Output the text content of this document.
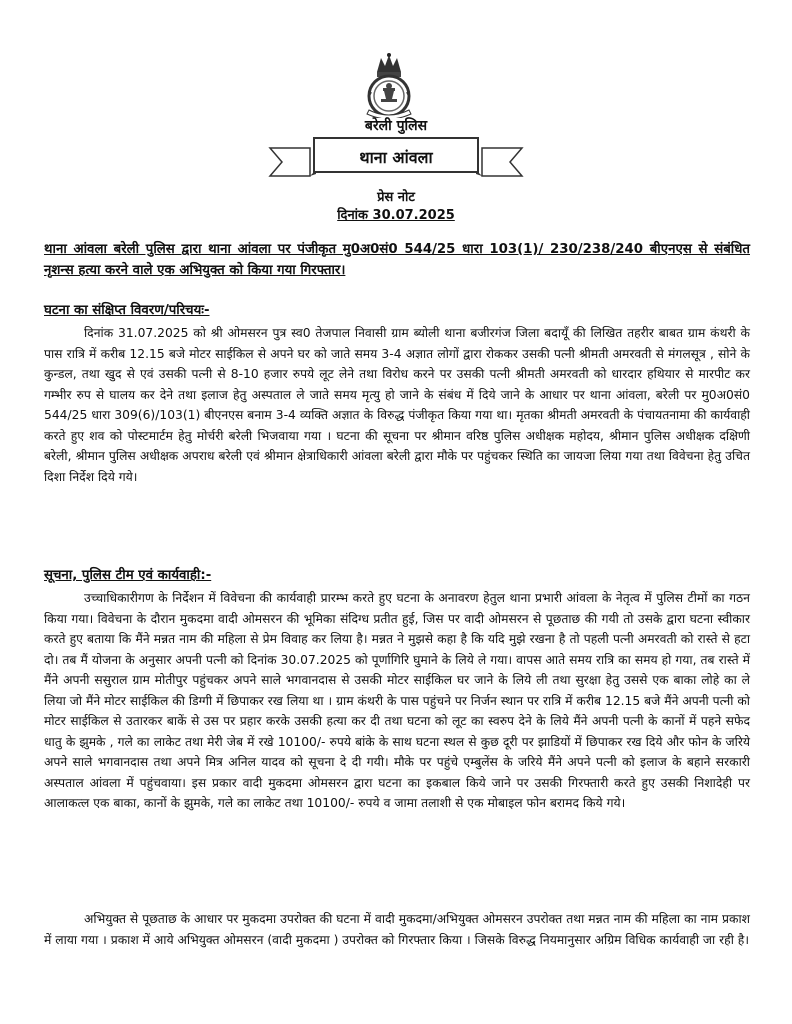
बरेली पुलिस
थाना आंवला
प्रेस नोट
दिनांक 30.07.2025
थाना आंवला बरेली पुलिस द्वारा थाना आंवला पर पंजीकृत मु0अ0सं0 544/25 धारा 103(1)/ 230/238/240 बीएनएस से संबंधित नृशन्स हत्या करने वाले एक अभियुक्त को किया गया गिरफ्तार।
घटना का संक्षिप्त विवरण/परिचयः-

दिनांक 31.07.2025 को श्री ओमसरन पुत्र स्व0 तेजपाल निवासी ग्राम ब्योली थाना बजीरगंज जिला बदायूँ की लिखित तहरीर बाबत ग्राम कंथरी के पास रात्रि में करीब 12.15 बजे मोटर साईकिल से अपने घर को जाते समय 3-4 अज्ञात लोगों द्वारा रोककर उसकी पत्नी श्रीमती अमरवती से मंगलसूत्र , सोने के कुन्डल, तथा खुद से एवं उसकी पत्नी से 8-10 हजार रुपये लूट लेने तथा विरोध करने पर उसकी पत्नी श्रीमती अमरवती को धारदार हथियार से मारपीट कर गम्भीर रुप से घालय कर देने तथा इलाज हेतु अस्पताल ले जाते समय मृत्यु हो जाने के संबंध में दिये जाने के आधार पर थाना आंवला, बरेली पर मु0अ0सं0 544/25 धारा 309(6)/103(1) बीएनएस बनाम 3-4 व्यक्ति अज्ञात के विरुद्ध पंजीकृत किया गया था। मृतका श्रीमती अमरवती के पंचायतनामा की कार्यवाही करते हुए शव को पोस्टमार्टम हेतु मोर्चरी बरेली भिजवाया गया । घटना की सूचना पर श्रीमान वरिष्ठ पुलिस अधीक्षक महोदय, श्रीमान पुलिस अधीक्षक दक्षिणी बरेली, श्रीमान पुलिस अधीक्षक अपराध बरेली एवं श्रीमान क्षेत्राधिकारी आंवला बरेली द्वारा मौके पर पहुंचकर स्थिति का जायजा लिया गया तथा विवेचना हेतु उचित दिशा निर्देश दिये गये।

सूचना, पुलिस टीम एवं कार्यवाही:-

उच्चाधिकारीगण के निर्देशन में विवेचना की कार्यवाही प्रारम्भ करते हुए घटना के अनावरण हेतुल थाना प्रभारी आंवला के नेतृत्व में पुलिस टीमों का गठन किया गया। विवेचना के दौरान मुकदमा वादी ओमसरन की भूमिका संदिग्ध प्रतीत हुई, जिस पर वादी ओमसरन से पूछताछ की गयी तो उसके द्वारा घटना स्वीकार करते हुए बताया कि मैंने मन्नत नाम की महिला से प्रेम विवाह कर लिया है। मन्नत ने मुझसे कहा है कि यदि मुझे रखना है तो पहली पत्नी अमरवती को रास्ते से हटा दो। तब मैं योजना के अनुसार अपनी पत्नी को दिनांक 30.07.2025 को पूर्णागिरि घुमाने के लिये ले गया। वापस आते समय रात्रि का समय हो गया, तब रास्ते में मैंने अपनी ससुराल ग्राम मोतीपुर पहुंचकर अपने साले भगवानदास से उसकी मोटर साईकिल घर जाने के लिये ली तथा सुरक्षा हेतु उससे एक बाका लोहे का ले लिया जो मैंने मोटर साईकिल की डिग्गी में छिपाकर रख लिया था । ग्राम कंथरी के पास पहुंचने पर निर्जन स्थान पर रात्रि में करीब 12.15 बजे मैंने अपनी पत्नी को मोटर साईकिल से उतारकर बाकें से उस पर प्रहार करके उसकी हत्या कर दी तथा घटना को लूट का स्वरुप देने के लिये मैंने अपनी पत्नी के कानों में पहने सफेद धातु के झुमके , गले का लाकेट तथा मेरी जेब में रखे 10100/- रुपये बांके के साथ घटना स्थल से कुछ दूरी पर झाडियों में छिपाकर रख दिये और फोन के जरिये अपने साले भगवानदास तथा अपने मित्र अनिल यादव को सूचना दे दी गयी। मौके पर पहुंचे एम्बुलेंस के जरिये मैंने अपने पत्नी को इलाज के बहाने सरकारी अस्पताल आंवला में पहुंचवाया। इस प्रकार वादी मुकदमा ओमसरन द्वारा घटना का इकबाल किये जाने पर उसकी गिरफ्तारी करते हुए उसकी निशादेही पर आलाकत्ल एक बाका, कानों के झुमके, गले का लाकेट तथा 10100/- रुपये व जामा तलाशी से एक मोबाइल फोन बरामद किये गये।

अभियुक्त से पूछताछ के आधार पर मुकदमा उपरोक्त की घटना में वादी मुकदमा/अभियुक्त ओमसरन उपरोक्त तथा मन्नत नाम की महिला का नाम प्रकाश में लाया गया । प्रकाश में आये अभियुक्त ओमसरन (वादी मुकदमा ) उपरोक्त को गिरफ्तार किया । जिसके विरुद्ध नियमानुसार अग्रिम विधिक कार्यवाही जा रही है।
